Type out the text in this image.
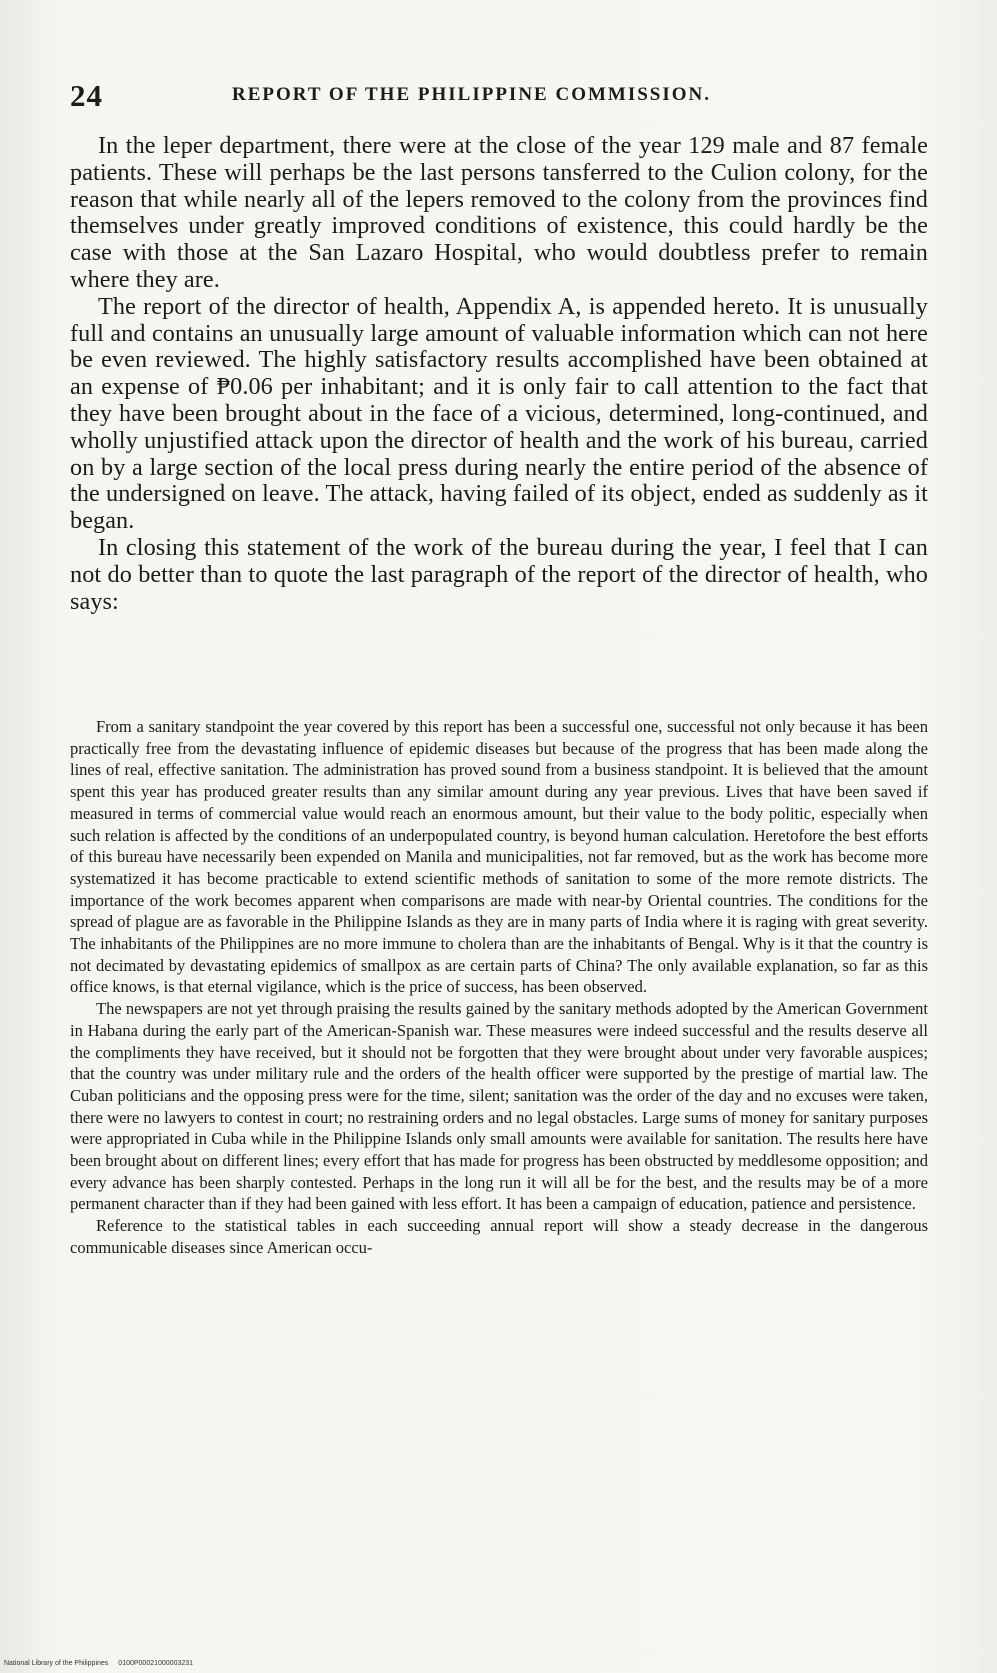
24	REPORT OF THE PHILIPPINE COMMISSION.

In the leper department, there were at the close of the year 129 male and 87 female patients. These will perhaps be the last persons tansferred to the Culion colony, for the reason that while nearly all of the lepers removed to the colony from the provinces find themselves under greatly improved conditions of existence, this could hardly be the case with those at the San Lazaro Hospital, who would doubtless prefer to remain where they are.

The report of the director of health, Appendix A, is appended hereto. It is unusually full and contains an unusually large amount of valuable information which can not here be even reviewed. The highly satisfactory results accomplished have been obtained at an expense of ₱0.06 per inhabitant; and it is only fair to call attention to the fact that they have been brought about in the face of a vicious, determined, long-continued, and wholly unjustified attack upon the director of health and the work of his bureau, carried on by a large section of the local press during nearly the entire period of the absence of the undersigned on leave. The attack, having failed of its object, ended as suddenly as it began.

In closing this statement of the work of the bureau during the year, I feel that I can not do better than to quote the last paragraph of the report of the director of health, who says:

From a sanitary standpoint the year covered by this report has been a successful one, successful not only because it has been practically free from the devastating influence of epidemic diseases but because of the progress that has been made along the lines of real, effective sanitation. The administration has proved sound from a business standpoint. It is believed that the amount spent this year has produced greater results than any similar amount during any year previous. Lives that have been saved if measured in terms of commercial value would reach an enormous amount, but their value to the body politic, especially when such relation is affected by the conditions of an underpopulated country, is beyond human calculation. Heretofore the best efforts of this bureau have necessarily been expended on Manila and municipalities, not far removed, but as the work has become more systematized it has become practicable to extend scientific methods of sanitation to some of the more remote districts. The importance of the work becomes apparent when comparisons are made with near-by Oriental countries. The conditions for the spread of plague are as favorable in the Philippine Islands as they are in many parts of India where it is raging with great severity. The inhabitants of the Philippines are no more immune to cholera than are the inhabitants of Bengal. Why is it that the country is not decimated by devastating epidemics of smallpox as are certain parts of China? The only available explanation, so far as this office knows, is that eternal vigilance, which is the price of success, has been observed.

The newspapers are not yet through praising the results gained by the sanitary methods adopted by the American Government in Habana during the early part of the American-Spanish war. These measures were indeed successful and the results deserve all the compliments they have received, but it should not be forgotten that they were brought about under very favorable auspices; that the country was under military rule and the orders of the health officer were supported by the prestige of martial law. The Cuban politicians and the opposing press were for the time, silent; sanitation was the order of the day and no excuses were taken, there were no lawyers to contest in court; no restraining orders and no legal obstacles. Large sums of money for sanitary purposes were appropriated in Cuba while in the Philippine Islands only small amounts were available for sanitation. The results here have been brought about on different lines; every effort that has made for progress has been obstructed by meddlesome opposition; and every advance has been sharply contested. Perhaps in the long run it will all be for the best, and the results may be of a more permanent character than if they had been gained with less effort. It has been a campaign of education, patience and persistence.

Reference to the statistical tables in each succeeding annual report will show a steady decrease in the dangerous communicable diseases since American occu-

National Library of the Philippines 0100P00021000003231
